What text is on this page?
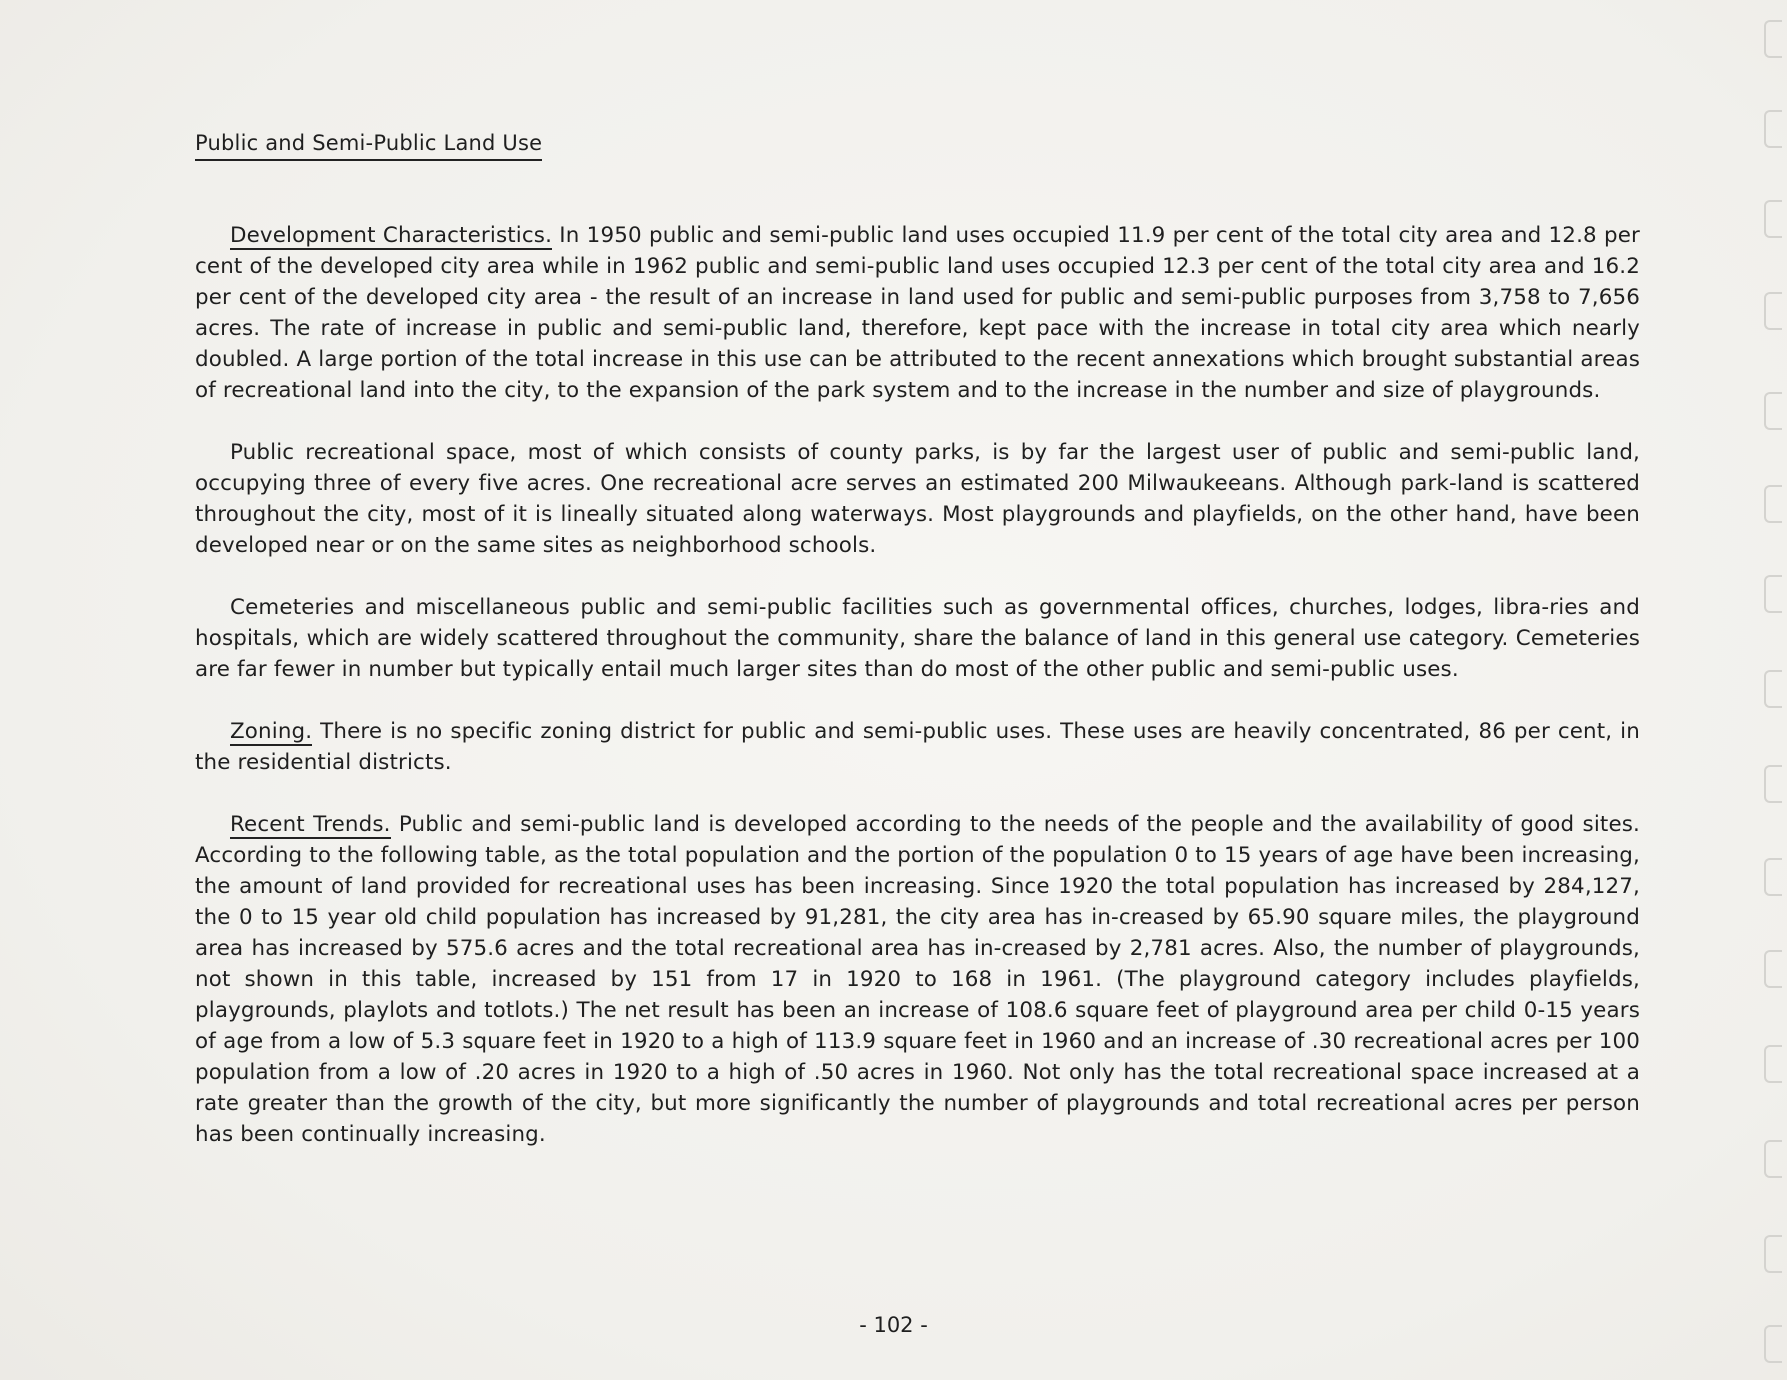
Public and Semi-Public Land Use

Development Characteristics. In 1950 public and semi-public land uses occupied 11.9 per cent of the total city area and 12.8 per cent of the developed city area while in 1962 public and semi-public land uses occupied 12.3 per cent of the total city area and 16.2 per cent of the developed city area - the result of an increase in land used for public and semi-public purposes from 3,758 to 7,656 acres. The rate of increase in public and semi-public land, therefore, kept pace with the increase in total city area which nearly doubled. A large portion of the total increase in this use can be attributed to the recent annexations which brought substantial areas of recreational land into the city, to the expansion of the park system and to the increase in the number and size of playgrounds.

Public recreational space, most of which consists of county parks, is by far the largest user of public and semi-public land, occupying three of every five acres. One recreational acre serves an estimated 200 Milwaukeeans. Although park-land is scattered throughout the city, most of it is lineally situated along waterways. Most playgrounds and playfields, on the other hand, have been developed near or on the same sites as neighborhood schools.

Cemeteries and miscellaneous public and semi-public facilities such as governmental offices, churches, lodges, libra-ries and hospitals, which are widely scattered throughout the community, share the balance of land in this general use category. Cemeteries are far fewer in number but typically entail much larger sites than do most of the other public and semi-public uses.

Zoning. There is no specific zoning district for public and semi-public uses. These uses are heavily concentrated, 86 per cent, in the residential districts.

Recent Trends. Public and semi-public land is developed according to the needs of the people and the availability of good sites. According to the following table, as the total population and the portion of the population 0 to 15 years of age have been increasing, the amount of land provided for recreational uses has been increasing. Since 1920 the total population has increased by 284,127, the 0 to 15 year old child population has increased by 91,281, the city area has in-creased by 65.90 square miles, the playground area has increased by 575.6 acres and the total recreational area has in-creased by 2,781 acres. Also, the number of playgrounds, not shown in this table, increased by 151 from 17 in 1920 to 168 in 1961. (The playground category includes playfields, playgrounds, playlots and totlots.) The net result has been an increase of 108.6 square feet of playground area per child 0-15 years of age from a low of 5.3 square feet in 1920 to a high of 113.9 square feet in 1960 and an increase of .30 recreational acres per 100 population from a low of .20 acres in 1920 to a high of .50 acres in 1960. Not only has the total recreational space increased at a rate greater than the growth of the city, but more significantly the number of playgrounds and total recreational acres per person has been continually increasing.

- 102 -
